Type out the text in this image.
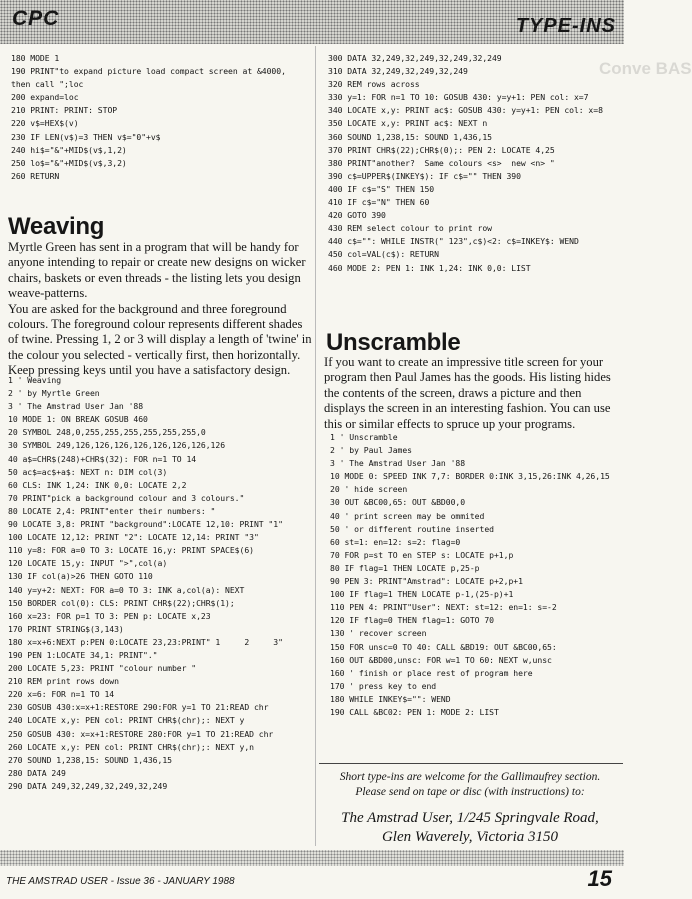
CPC	TYPE-INS
Conve BAS
180 MODE 1
190 PRINT"to expand picture load compact screen at &4000,
then call ";loc
200 expand=loc
210 PRINT: PRINT: STOP
220 v$=HEX$(v)
230 IF LEN(v$)=3 THEN v$="0"+v$
240 hi$="&"+MID$(v$,1,2)
250 lo$="&"+MID$(v$,3,2)
260 RETURN
Weaving

Myrtle Green has sent in a program that will be handy for anyone intending to repair or create new designs on wicker chairs, baskets or even threads - the listing lets you design weave-patterns.

You are asked for the background and three foreground colours. The foreground colour represents different shades of twine. Pressing 1, 2 or 3 will display a length of 'twine' in the colour you selected - vertically first, then horizontally. Keep pressing keys until you have a satisfactory design.

1 ' Weaving
2 ' by Myrtle Green
3 ' The Amstrad User Jan '88
10 MODE 1: ON BREAK GOSUB 460
20 SYMBOL 248,0,255,255,255,255,255,255,0
30 SYMBOL 249,126,126,126,126,126,126,126,126
40 a$=CHR$(248)+CHR$(32): FOR n=1 TO 14
50 ac$=ac$+a$: NEXT n: DIM col(3)
60 CLS: INK 1,24: INK 0,0: LOCATE 2,2
70 PRINT"pick a background colour and 3 colours."
80 LOCATE 2,4: PRINT"enter their numbers: "
90 LOCATE 3,8: PRINT "background":LOCATE 12,10: PRINT "1"
100 LOCATE 12,12: PRINT "2": LOCATE 12,14: PRINT "3"
110 y=8: FOR a=0 TO 3: LOCATE 16,y: PRINT SPACE$(6)
120 LOCATE 15,y: INPUT ">",col(a)
130 IF col(a)>26 THEN GOTO 110
140 y=y+2: NEXT: FOR a=0 TO 3: INK a,col(a): NEXT
150 BORDER col(0): CLS: PRINT CHR$(22);CHR$(1);
160 x=23: FOR p=1 TO 3: PEN p: LOCATE x,23
170 PRINT STRING$(3,143)
180 x=x+6:NEXT p:PEN 0:LOCATE 23,23:PRINT" 1     2     3"
190 PEN 1:LOCATE 34,1: PRINT"."
200 LOCATE 5,23: PRINT "colour number "
210 REM print rows down
220 x=6: FOR n=1 TO 14
230 GOSUB 430:x=x+1:RESTORE 290:FOR y=1 TO 21:READ chr
240 LOCATE x,y: PEN col: PRINT CHR$(chr);: NEXT y
250 GOSUB 430: x=x+1:RESTORE 280:FOR y=1 TO 21:READ chr
260 LOCATE x,y: PEN col: PRINT CHR$(chr);: NEXT y,n
270 SOUND 1,238,15: SOUND 1,436,15
280 DATA 249
290 DATA 249,32,249,32,249,32,249
300 DATA 32,249,32,249,32,249,32,249
310 DATA 32,249,32,249,32,249
320 REM rows across
330 y=1: FOR n=1 TO 10: GOSUB 430: y=y+1: PEN col: x=7
340 LOCATE x,y: PRINT ac$: GOSUB 430: y=y+1: PEN col: x=8
350 LOCATE x,y: PRINT ac$: NEXT n
360 SOUND 1,238,15: SOUND 1,436,15
370 PRINT CHR$(22);CHR$(0);: PEN 2: LOCATE 4,25
380 PRINT"another?  Same colours <s>  new <n> "
390 c$=UPPER$(INKEY$): IF c$="" THEN 390
400 IF c$="S" THEN 150
410 IF c$="N" THEN 60
420 GOTO 390
430 REM select colour to print row
440 c$="": WHILE INSTR(" 123",c$)<2: c$=INKEY$: WEND
450 col=VAL(c$): RETURN
460 MODE 2: PEN 1: INK 1,24: INK 0,0: LIST
Unscramble

If you want to create an impressive title screen for your program then Paul James has the goods. His listing hides the contents of the screen, draws a picture and then displays the screen in an interesting fashion. You can use this or similar effects to spruce up your programs.

1 ' Unscramble
2 ' by Paul James
3 ' The Amstrad User Jan '88
10 MODE 0: SPEED INK 7,7: BORDER 0:INK 3,15,26:INK 4,26,15
20 ' hide screen
30 OUT &BC00,65: OUT &BD00,0
40 ' print screen may be ommited
50 ' or different routine inserted
60 st=1: en=12: s=2: flag=0
70 FOR p=st TO en STEP s: LOCATE p+1,p
80 IF flag=1 THEN LOCATE p,25-p
90 PEN 3: PRINT"Amstrad": LOCATE p+2,p+1
100 IF flag=1 THEN LOCATE p-1,(25-p)+1
110 PEN 4: PRINT"User": NEXT: st=12: en=1: s=-2
120 IF flag=0 THEN flag=1: GOTO 70
130 ' recover screen
150 FOR unsc=0 TO 40: CALL &BD19: OUT &BC00,65:
160 OUT &BD00,unsc: FOR w=1 TO 60: NEXT w,unsc
160 ' finish or place rest of program here
170 ' press key to end
180 WHILE INKEY$="": WEND
190 CALL &BC02: PEN 1: MODE 2: LIST
Short type-ins are welcome for the Gallimaufrey section.
Please send on tape or disc (with instructions) to:
The Amstrad User, 1/245 Springvale Road,
Glen Waverely, Victoria 3150
THE AMSTRAD USER - Issue 36 - JANUARY 1988	15
